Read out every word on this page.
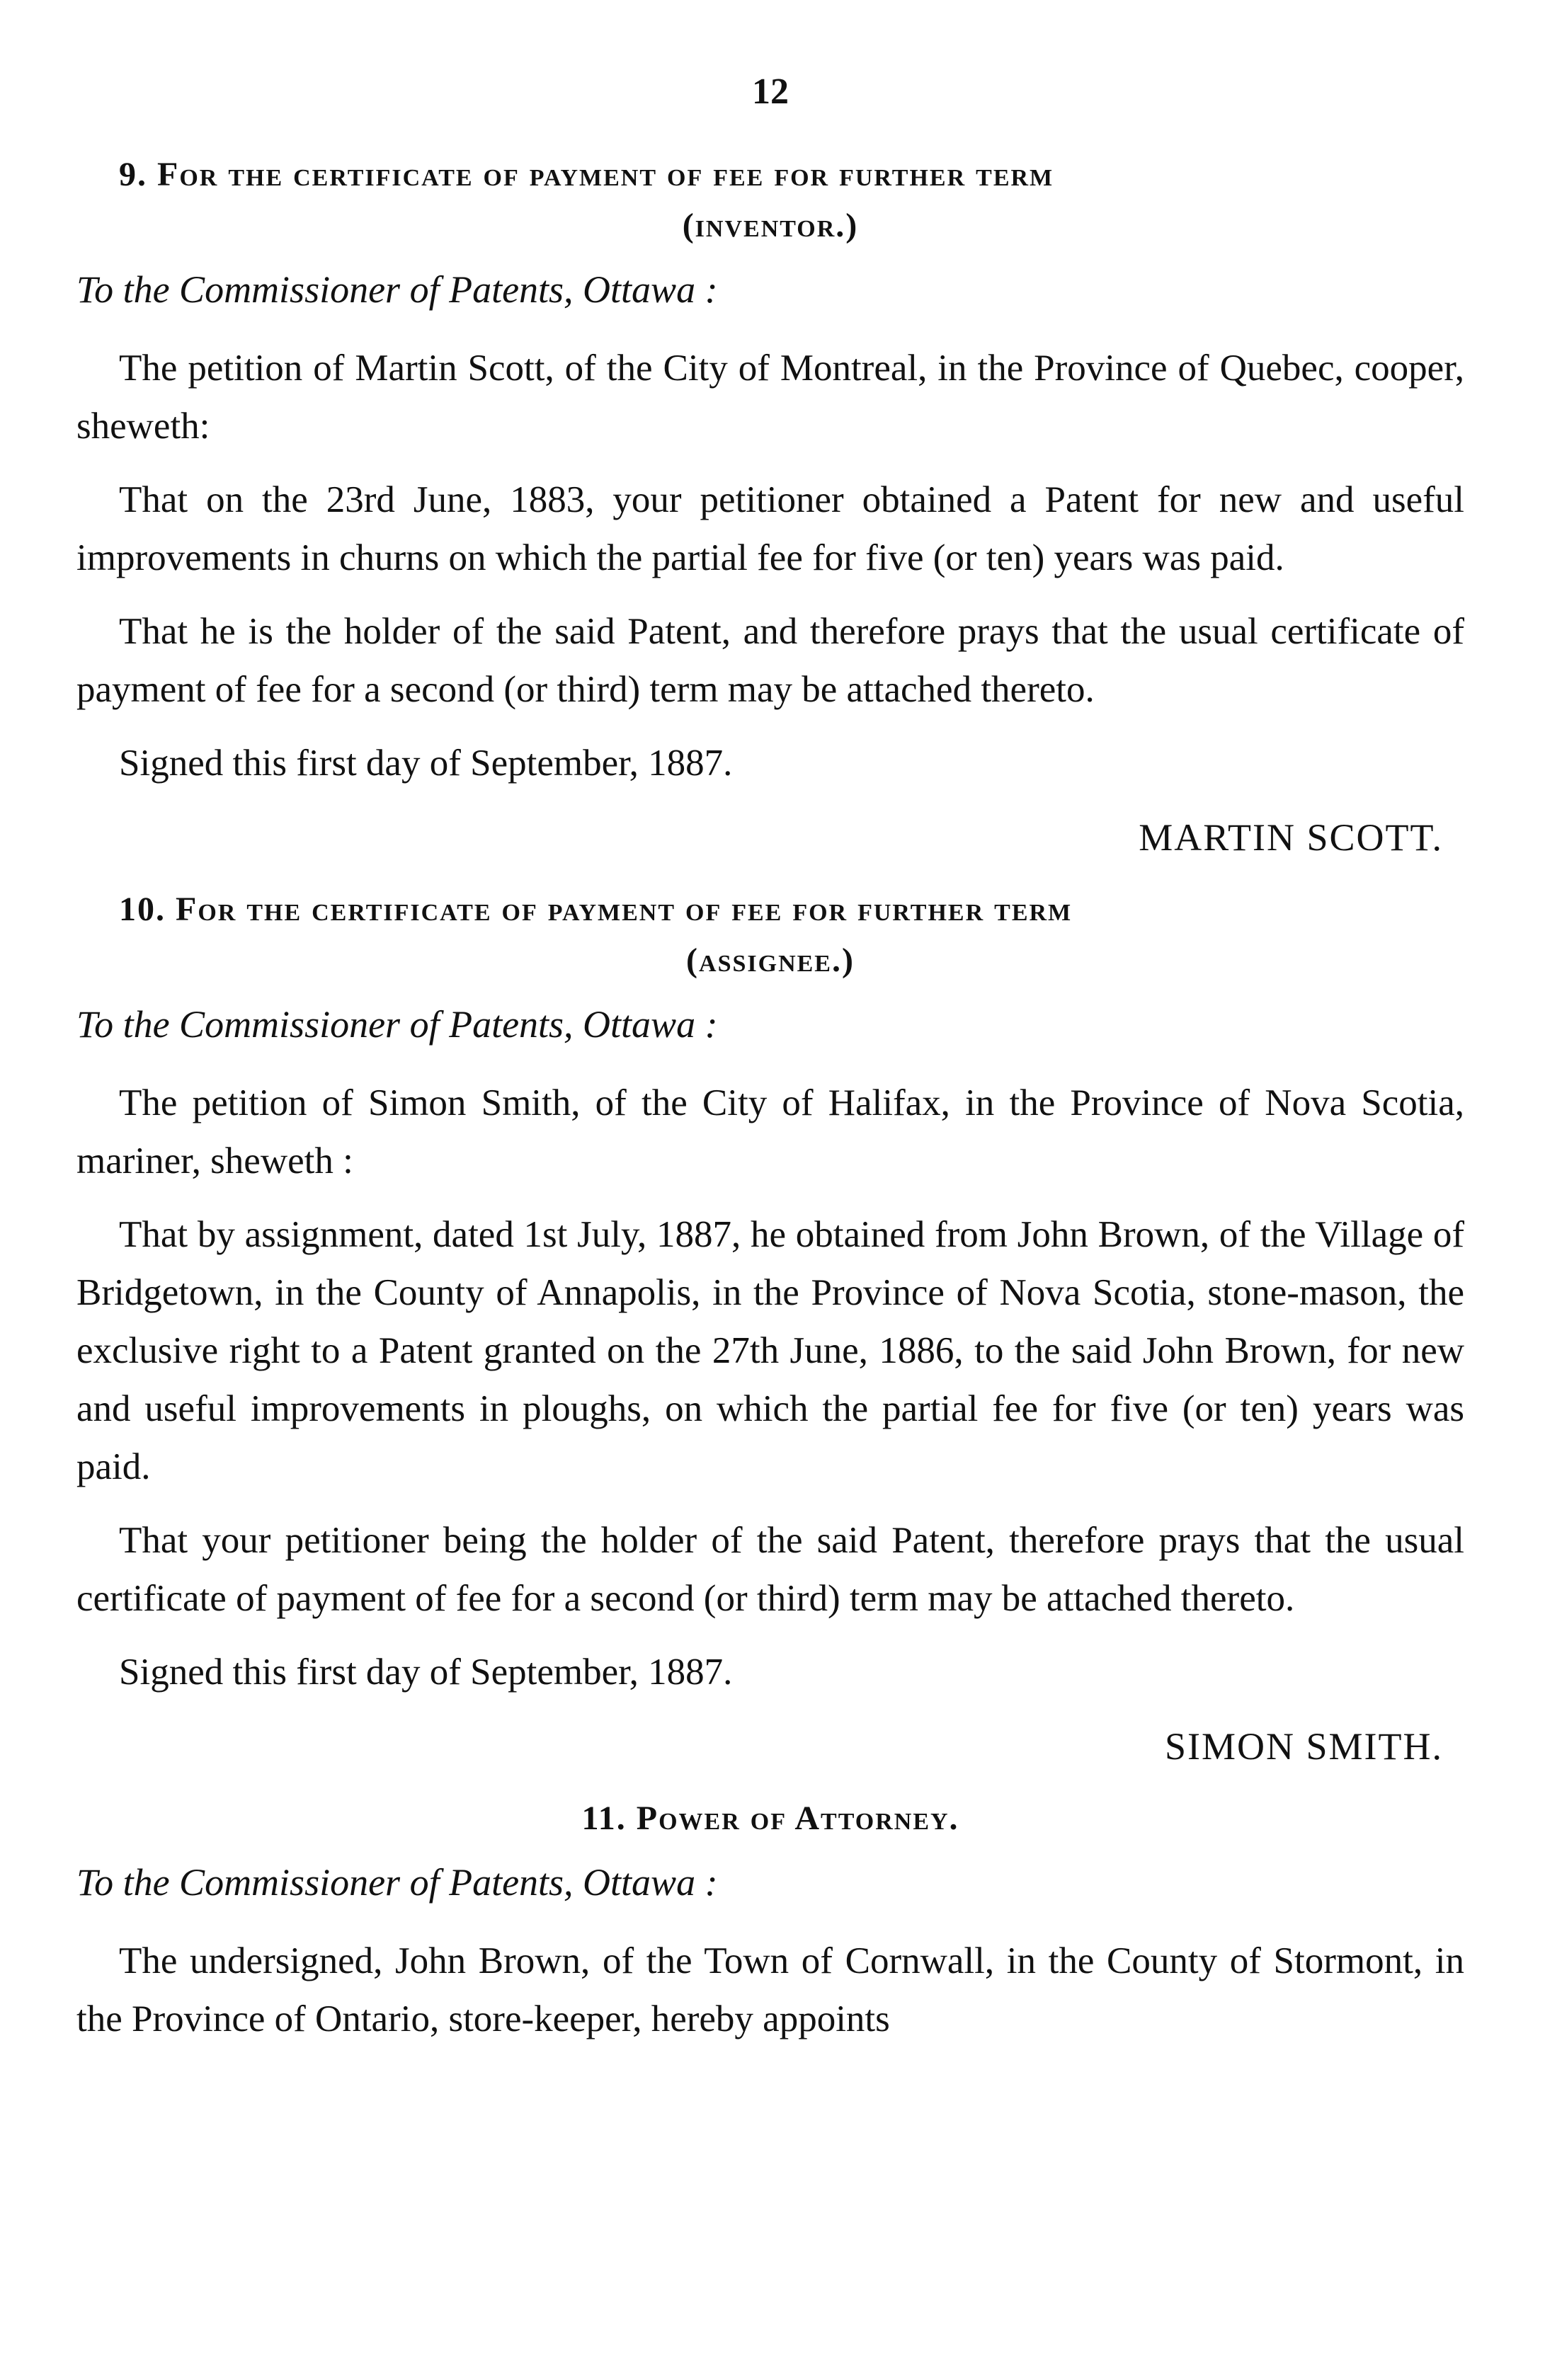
12
9. For the certificate of payment of fee for further term
(inventor.)
To the Commissioner of Patents, Ottawa :

The petition of Martin Scott, of the City of Montreal, in the Province of Quebec, cooper, sheweth:

That on the 23rd June, 1883, your petitioner obtained a Patent for new and useful improvements in churns on which the partial fee for five (or ten) years was paid.

That he is the holder of the said Patent, and therefore prays that the usual certificate of payment of fee for a second (or third) term may be attached thereto.

Signed this first day of September, 1887.

MARTIN SCOTT.
10. For the certificate of payment of fee for further term
(assignee.)
To the Commissioner of Patents, Ottawa :

The petition of Simon Smith, of the City of Halifax, in the Province of Nova Scotia, mariner, sheweth :

That by assignment, dated 1st July, 1887, he obtained from John Brown, of the Village of Bridgetown, in the County of Annapolis, in the Province of Nova Scotia, stone-mason, the exclusive right to a Patent granted on the 27th June, 1886, to the said John Brown, for new and useful improvements in ploughs, on which the partial fee for five (or ten) years was paid.

That your petitioner being the holder of the said Patent, therefore prays that the usual certificate of payment of fee for a second (or third) term may be attached thereto.

Signed this first day of September, 1887.

SIMON SMITH.
11. Power of Attorney.
To the Commissioner of Patents, Ottawa :

The undersigned, John Brown, of the Town of Cornwall, in the County of Stormont, in the Province of Ontario, store-keeper, hereby appoints
